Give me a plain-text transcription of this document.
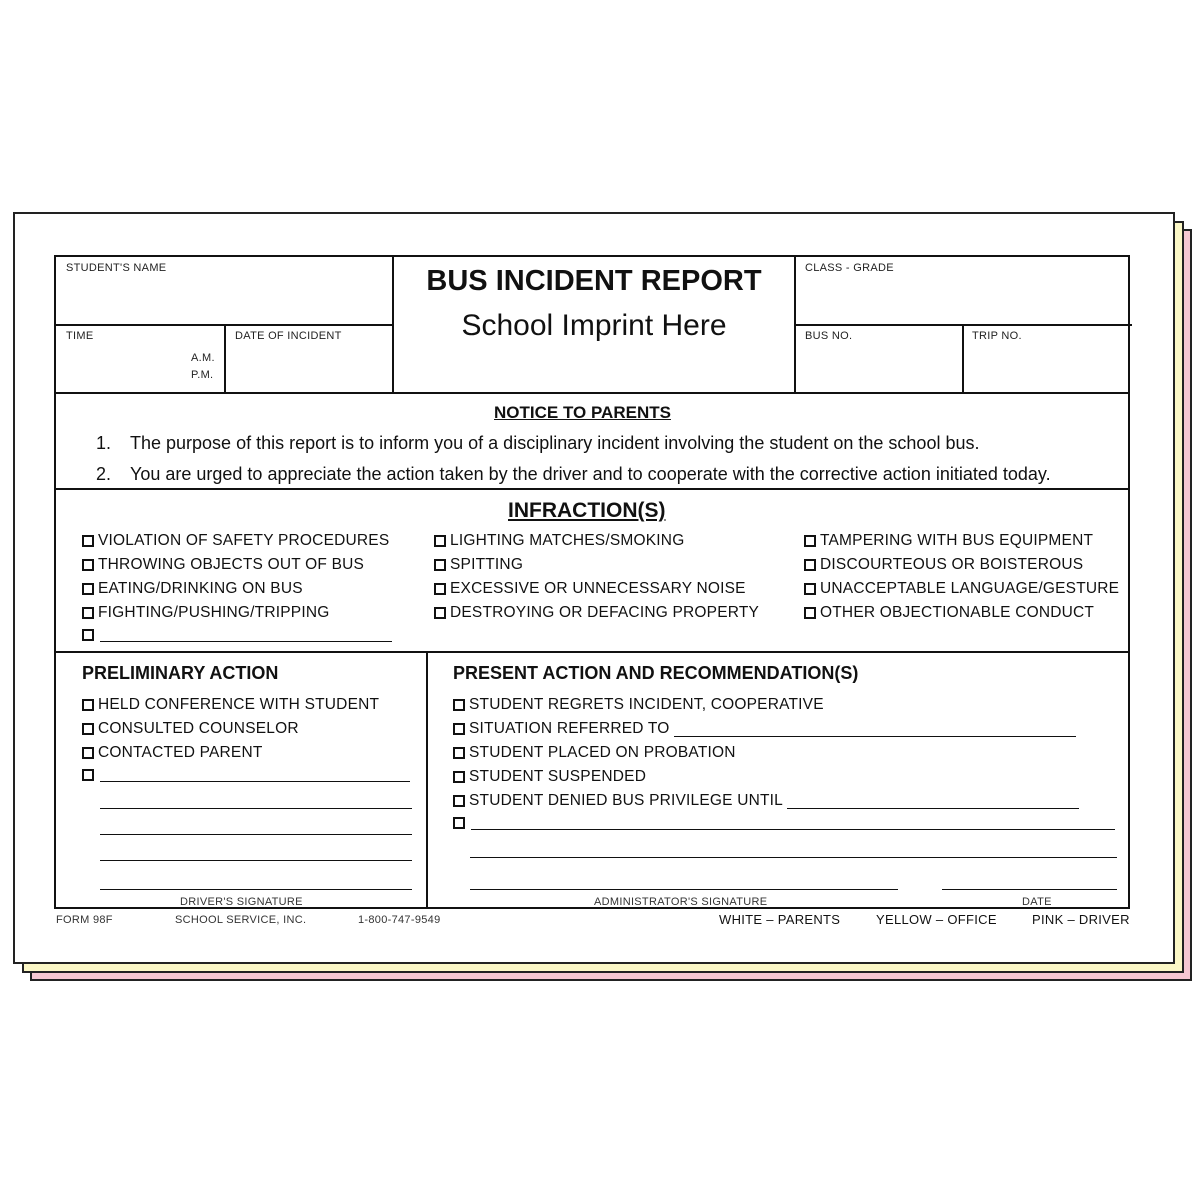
STUDENT'S NAME	BUS INCIDENT REPORT
School Imprint Here
CLASS - GRADE
TIME
A.M.
P.M.
DATE OF INCIDENT	BUS NO.	TRIP NO.
NOTICE TO PARENTS
1. The purpose of this report is to inform you of a disciplinary incident involving the student on the school bus.
2. You are urged to appreciate the action taken by the driver and to cooperate with the corrective action initiated today.
INFRACTION(S)
VIOLATION OF SAFETY PROCEDURES
THROWING OBJECTS OUT OF BUS
EATING/DRINKING ON BUS
FIGHTING/PUSHING/TRIPPING
LIGHTING MATCHES/SMOKING
SPITTING
EXCESSIVE OR UNNECESSARY NOISE
DESTROYING OR DEFACING PROPERTY
TAMPERING WITH BUS EQUIPMENT
DISCOURTEOUS OR BOISTEROUS
UNACCEPTABLE LANGUAGE/GESTURE
OTHER OBJECTIONABLE CONDUCT
PRELIMINARY ACTION
HELD CONFERENCE WITH STUDENT
CONSULTED COUNSELOR
CONTACTED PARENT
DRIVER'S SIGNATURE
PRESENT ACTION AND RECOMMENDATION(S)
STUDENT REGRETS INCIDENT, COOPERATIVE
SITUATION REFERRED TO
STUDENT PLACED ON PROBATION
STUDENT SUSPENDED
STUDENT DENIED BUS PRIVILEGE UNTIL
ADMINISTRATOR'S SIGNATURE	DATE
FORM 98F	SCHOOL SERVICE, INC.	1-800-747-9549	WHITE – PARENTS	YELLOW – OFFICE	PINK – DRIVER
